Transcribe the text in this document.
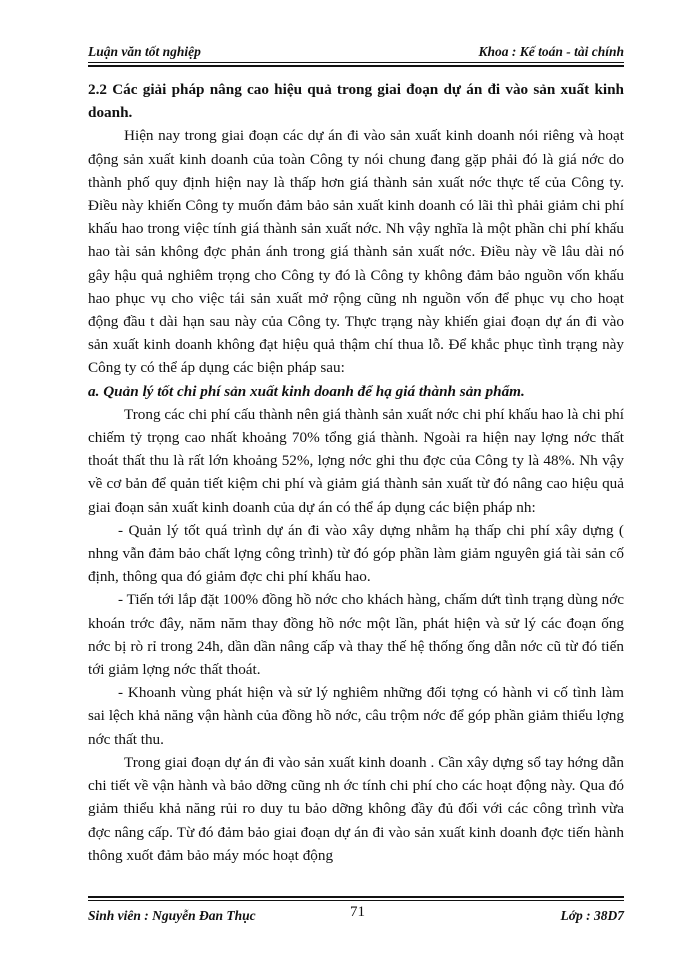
Luận văn tốt nghiệp	Khoa : Kế toán - tài chính

2.2 Các giải pháp nâng cao hiệu quả trong giai đoạn dự án đi vào sản xuất kinh doanh.

Hiện nay trong giai đoạn các dự án đi vào sản xuất kinh doanh nói riêng và hoạt động sản xuất kinh doanh của toàn Công ty nói chung đang gặp phải đó là giá nớc do thành phố quy định hiện nay là thấp hơn giá thành sản xuất nớc thực tế của Công ty. Điều này khiến Công ty muốn đảm bảo sản xuất kinh doanh có lãi thì phải giảm chi phí khấu hao trong việc tính giá thành sản xuất nớc. Nh vậy nghĩa là một phần chi phí khấu hao tài sản không đợc phản ánh trong giá thành sản xuất nớc. Điều này về lâu dài nó gây hậu quả nghiêm trọng cho Công ty đó là Công ty không đảm bảo nguồn vốn khấu hao phục vụ cho việc tái sản xuất mở rộng cũng nh nguồn vốn để phục vụ cho hoạt động đầu t dài hạn sau này của Công ty. Thực trạng này khiến giai đoạn dự án đi vào sản xuất kinh doanh không đạt hiệu quả thậm chí thua lỗ. Để khắc phục tình trạng này Công ty có thể áp dụng các biện pháp sau:

a. Quản lý tốt chi phí sản xuất kinh doanh để hạ giá thành sản phẩm.

Trong các chi phí cấu thành nên giá thành sản xuất nớc chi phí khấu hao là chi phí chiếm tỷ trọng cao nhất khoảng 70% tổng giá thành. Ngoài ra hiện nay lợng nớc thất thoát thất thu là rất lớn khoảng 52%, lợng nớc ghi thu đợc của Công ty là 48%. Nh vậy về cơ bản để quản tiết kiệm chi phí và giảm giá thành sản xuất từ đó nâng cao hiệu quả giai đoạn sản xuất kinh doanh của dự án có thể áp dụng các biện pháp nh:

- Quản lý tốt quá trình dự án đi vào xây dựng nhằm hạ thấp chi phí xây dựng ( nhng vẫn đảm bảo chất lợng công trình) từ đó góp phần làm giảm nguyên giá tài sản cố định, thông qua đó giảm đợc chi phí khấu hao.

- Tiến tới lắp đặt 100% đồng hồ nớc cho khách hàng, chấm dứt tình trạng dùng nớc khoán trớc đây, năm năm thay đồng hồ nớc một lần, phát hiện và sử lý các đoạn ống nớc bị rò rỉ trong 24h, dần dần nâng cấp và thay thế hệ thống ống dẫn nớc cũ từ đó tiến tới giảm lợng nớc thất thoát.

- Khoanh vùng phát hiện và sử lý nghiêm những đối tợng có hành vi cố tình làm sai lệch khả năng vận hành của đồng hồ nớc, câu trộm nớc để góp phần giảm thiểu lợng nớc thất thu.

Trong giai đoạn dự án đi vào sản xuất kinh doanh . Cần xây dựng sổ tay hớng dẫn chi tiết về vận hành và bảo dỡng cũng nh ớc tính chi phí cho các hoạt động này. Qua đó giảm thiểu khả năng rủi ro duy tu bảo dỡng không đầy đủ đối với các công trình vừa đợc nâng cấp. Từ đó đảm bảo giai đoạn dự án đi vào sản xuất kinh doanh đợc tiến hành thông xuốt đảm bảo máy móc hoạt động

Sinh viên : Nguyễn Đan Thục	71	Lớp : 38D7
